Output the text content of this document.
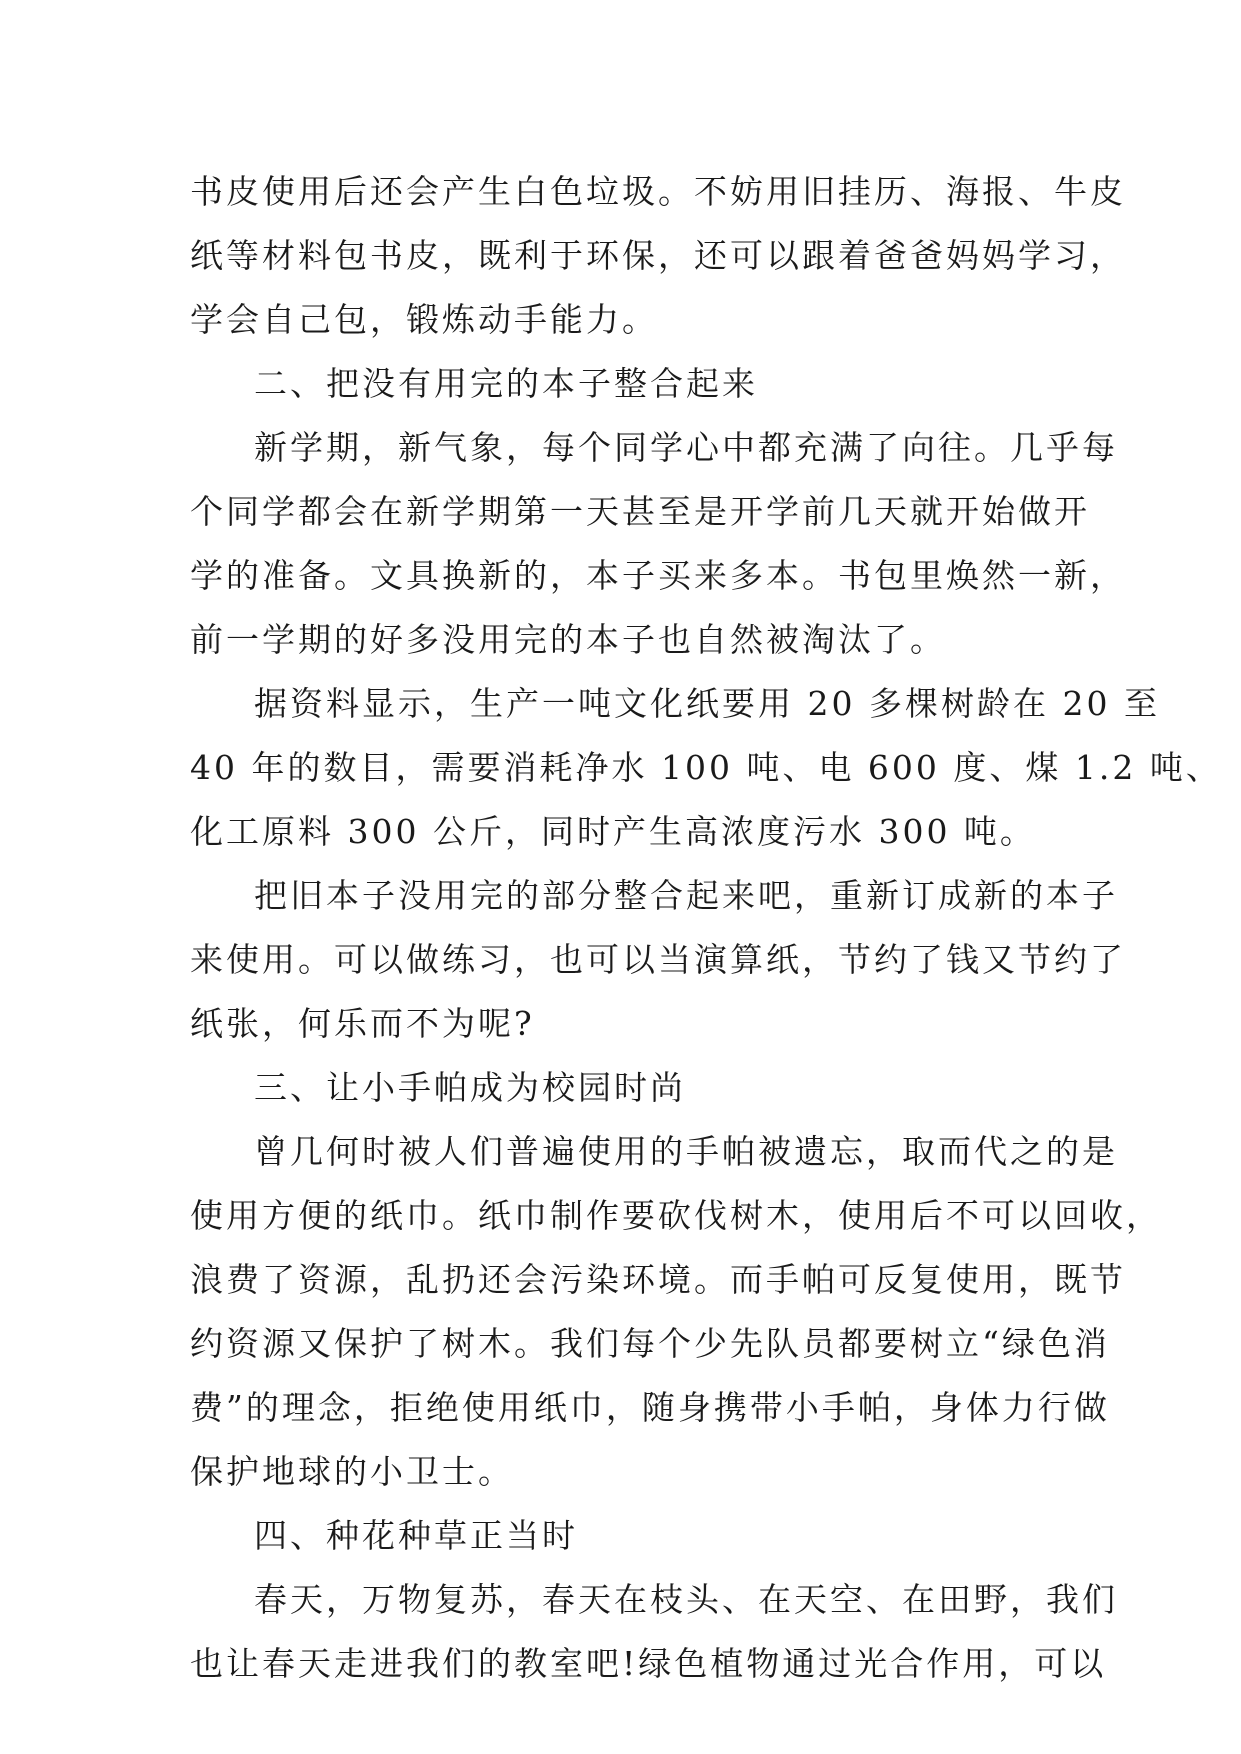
书皮使用后还会产生白色垃圾。不妨用旧挂历、海报、牛皮
纸等材料包书皮，既利于环保，还可以跟着爸爸妈妈学习，
学会自己包，锻炼动手能力。
二、把没有用完的本子整合起来
新学期，新气象，每个同学心中都充满了向往。几乎每
个同学都会在新学期第一天甚至是开学前几天就开始做开
学的准备。文具换新的，本子买来多本。书包里焕然一新，
前一学期的好多没用完的本子也自然被淘汰了。
据资料显示，生产一吨文化纸要用 20 多棵树龄在 20 至
40 年的数目，需要消耗净水 100 吨、电 600 度、煤 1.2 吨、
化工原料 300 公斤，同时产生高浓度污水 300 吨。
把旧本子没用完的部分整合起来吧，重新订成新的本子
来使用。可以做练习，也可以当演算纸，节约了钱又节约了
纸张，何乐而不为呢?
三、让小手帕成为校园时尚
曾几何时被人们普遍使用的手帕被遗忘，取而代之的是
使用方便的纸巾。纸巾制作要砍伐树木，使用后不可以回收，
浪费了资源，乱扔还会污染环境。而手帕可反复使用，既节
约资源又保护了树木。我们每个少先队员都要树立“绿色消
费”的理念，拒绝使用纸巾，随身携带小手帕，身体力行做
保护地球的小卫士。
四、种花种草正当时
春天，万物复苏，春天在枝头、在天空、在田野，我们
也让春天走进我们的教室吧!绿色植物通过光合作用，可以
